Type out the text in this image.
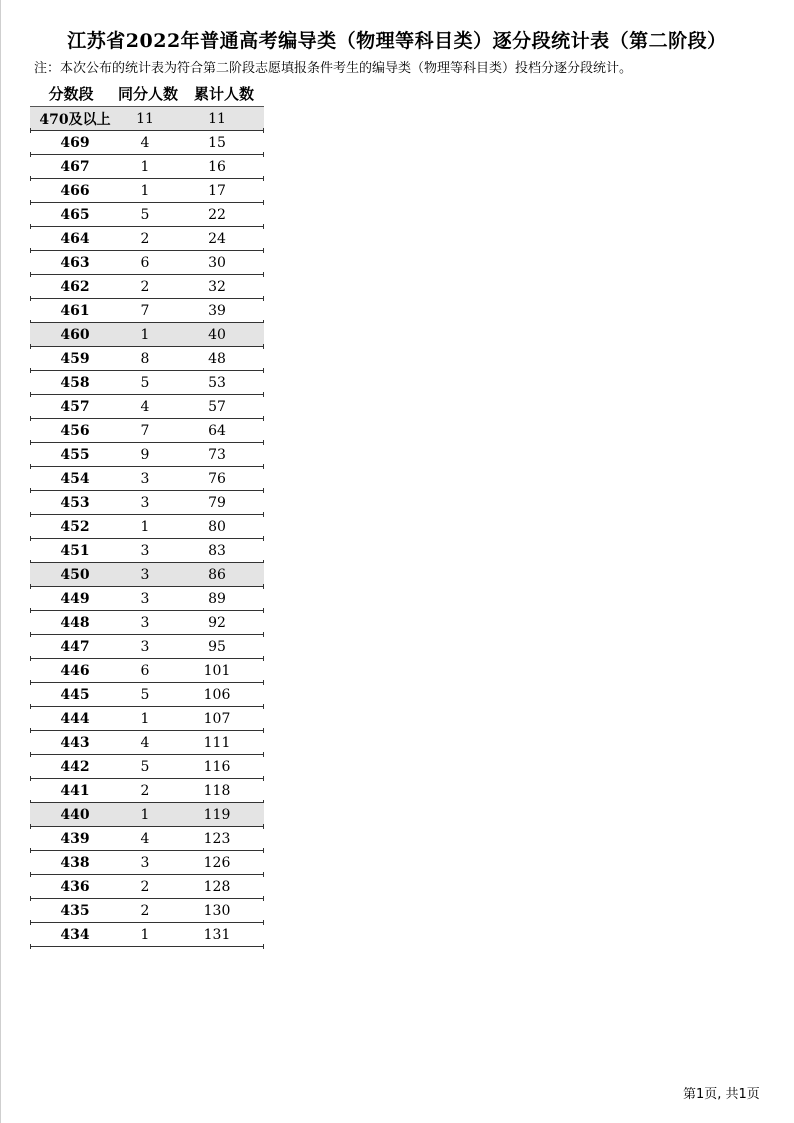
江苏省2022年普通高考编导类（物理等科目类）逐分段统计表（第二阶段）
注：本次公布的统计表为符合第二阶段志愿填报条件考生的编导类（物理等科目类）投档分逐分段统计。
分数段	同分人数	累计人数
470及以上	11	11
469	4	15
467	1	16
466	1	17
465	5	22
464	2	24
463	6	30
462	2	32
461	7	39
460	1	40
459	8	48
458	5	53
457	4	57
456	7	64
455	9	73
454	3	76
453	3	79
452	1	80
451	3	83
450	3	86
449	3	89
448	3	92
447	3	95
446	6	101
445	5	106
444	1	107
443	4	111
442	5	116
441	2	118
440	1	119
439	4	123
438	3	126
436	2	128
435	2	130
434	1	131
第1页, 共1页
